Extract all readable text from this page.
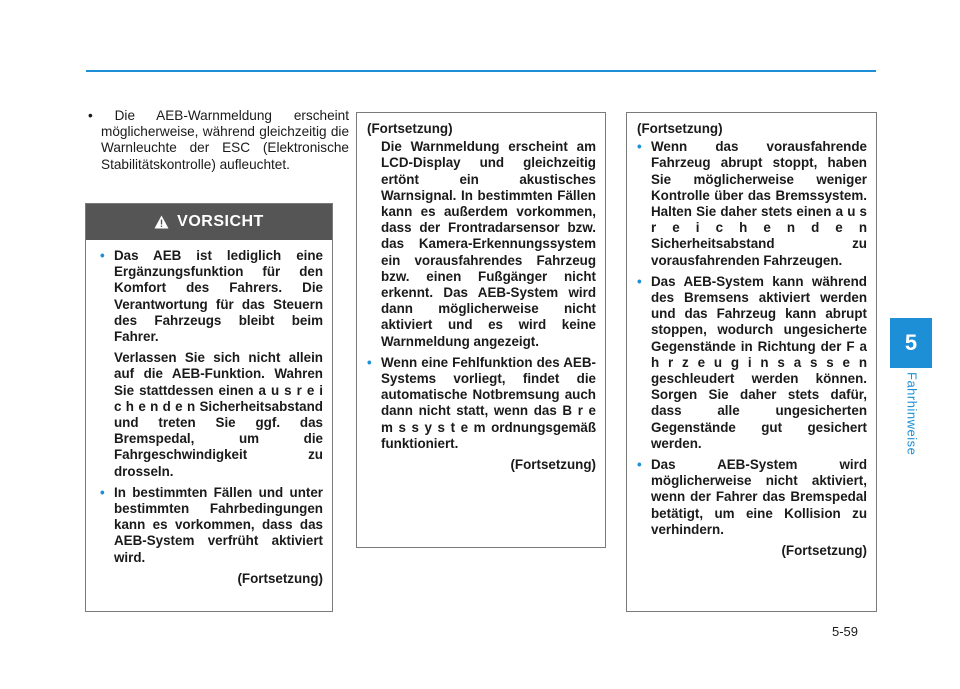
5
Fahrhinweise
• Die AEB-Warnmeldung erscheint möglicherweise, während gleichzeitig die Warnleuchte der ESC (Elektronische Stabilitätskontrolle) aufleuchtet.
VORSICHT
• Das AEB ist lediglich eine Ergänzungsfunktion für den Komfort des Fahrers. Die Verantwortung für das Steuern des Fahrzeugs bleibt beim Fahrer.

Verlassen Sie sich nicht allein auf die AEB-Funktion. Wahren Sie stattdessen einen a u s r e i c h e n d e n Sicherheitsabstand und treten Sie ggf. das Bremspedal, um die Fahrgeschwindigkeit zu drosseln.

• In bestimmten Fällen und unter bestimmten Fahrbedingungen kann es vorkommen, dass das AEB-System verfrüht aktiviert wird.

(Fortsetzung)
(Fortsetzung)

Die Warnmeldung erscheint am LCD-Display und gleichzeitig ertönt ein akustisches Warnsignal. In bestimmten Fällen kann es außerdem vorkommen, dass der Frontradarsensor bzw. das Kamera-Erkennungssystem ein vorausfahrendes Fahrzeug bzw. einen Fußgänger nicht erkennt. Das AEB-System wird dann möglicherweise nicht aktiviert und es wird keine Warnmeldung angezeigt.

• Wenn eine Fehlfunktion des AEB-Systems vorliegt, findet die automatische Notbremsung auch dann nicht statt, wenn das B r e m s s y s t e m ordnungsgemäß funktioniert.

(Fortsetzung)
(Fortsetzung)
• Wenn das vorausfahrende Fahrzeug abrupt stoppt, haben Sie möglicherweise weniger Kontrolle über das Bremssystem. Halten Sie daher stets einen a u s r e i c h e n d e n Sicherheitsabstand zu vorausfahrenden Fahrzeugen.

• Das AEB-System kann während des Bremsens aktiviert werden und das Fahrzeug kann abrupt stoppen, wodurch ungesicherte Gegenstände in Richtung der F a h r z e u g i n s a s s e n geschleudert werden können. Sorgen Sie daher stets dafür, dass alle ungesicherten Gegenstände gut gesichert werden.

• Das AEB-System wird möglicherweise nicht aktiviert, wenn der Fahrer das Bremspedal betätigt, um eine Kollision zu verhindern.

(Fortsetzung)
5-59
